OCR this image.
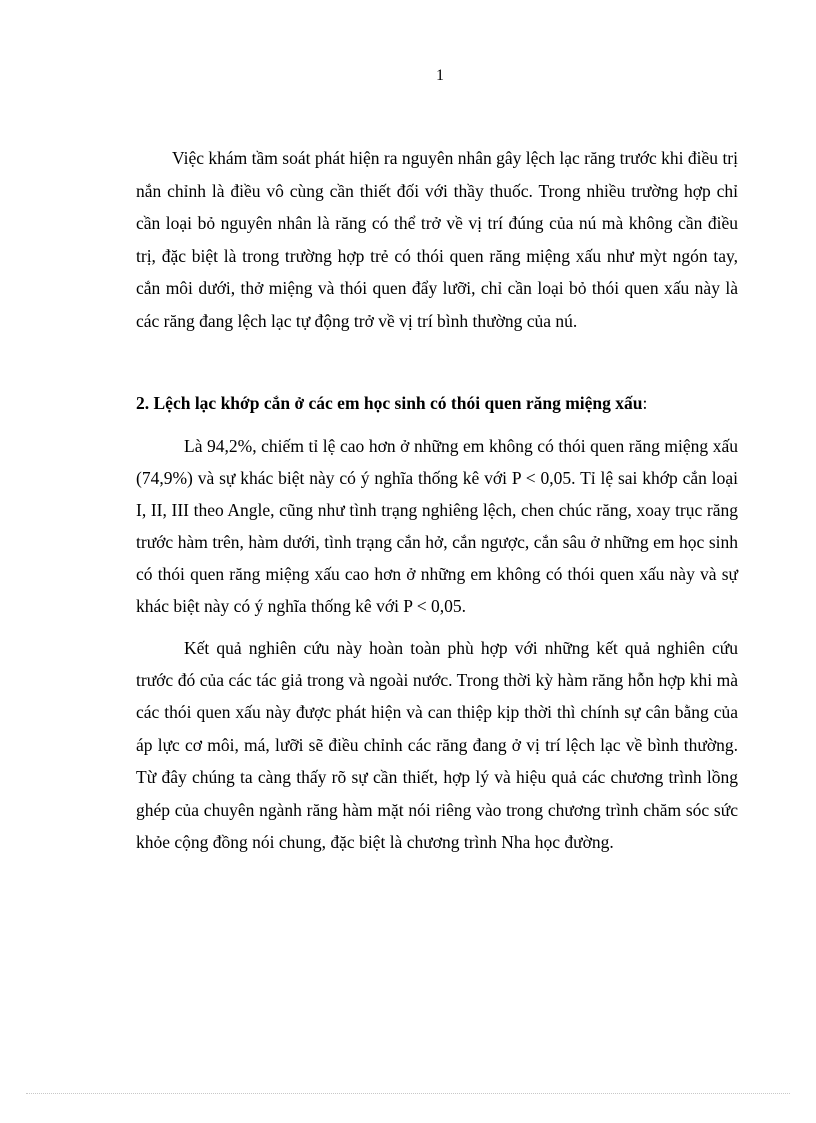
1

Việc khám tầm soát phát hiện ra nguyên nhân gây lệch lạc răng trước khi điều trị nắn chỉnh là điều vô cùng cần thiết đối với thầy thuốc. Trong nhiều trường hợp chỉ cần loại bỏ nguyên nhân là răng có thể trở về vị trí đúng của nú mà không cần điều trị, đặc biệt là trong trường hợp trẻ có thói quen răng miệng xấu như mỳt ngón tay, cắn môi dưới, thở miệng và thói quen đẩy lưỡi, chỉ cần loại bỏ thói quen xấu này là các răng đang lệch lạc tự động trở về vị trí bình thường của nú.

2. Lệch lạc khớp cắn ở các em học sinh có thói quen răng miệng xấu:

Là 94,2%, chiếm tỉ lệ cao hơn ở những em không có thói quen răng miệng xấu (74,9%) và sự khác biệt này có ý nghĩa thống kê với P < 0,05. Tỉ lệ sai khớp cắn loại I, II, III theo Angle, cũng như tình trạng nghiêng lệch, chen chúc răng, xoay trục răng trước hàm trên, hàm dưới, tình trạng cắn hở, cắn ngược, cắn sâu ở những em học sinh có thói quen răng miệng xấu cao hơn ở những em không có thói quen xấu này và sự khác biệt này có ý nghĩa thống kê với P < 0,05.

Kết quả nghiên cứu này hoàn toàn phù hợp với những kết quả nghiên cứu trước đó của các tác giả trong và ngoài nước. Trong thời kỳ hàm răng hỗn hợp khi mà các thói quen xấu này được phát hiện và can thiệp kịp thời thì chính sự cân bằng của áp lực cơ môi, má, lưỡi sẽ điều chỉnh các răng đang ở vị trí lệch lạc về bình thường. Từ đây chúng ta càng thấy rõ sự cần thiết, hợp lý và hiệu quả các chương trình lồng ghép của chuyên ngành răng hàm mặt nói riêng vào trong chương trình chăm sóc sức khỏe cộng đồng nói chung, đặc biệt là chương trình Nha học đường.
